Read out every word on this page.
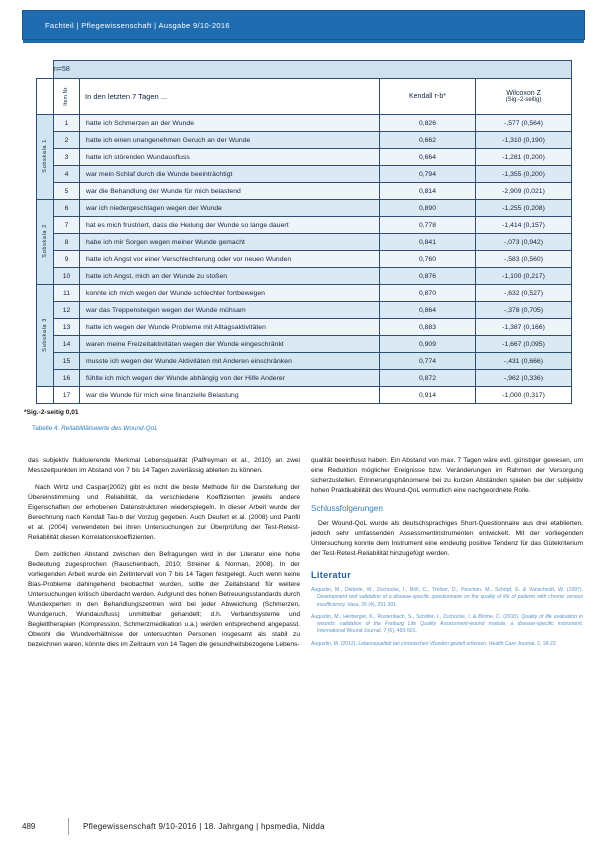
Fachteil | Pflegewissenschaft | Ausgabe 9/10-2016
	n=58			
	Item Nr.	In den letzten 7 Tagen ...	Kendall τ-b*	Wilcoxon Z
(Sig.-2-seitig)

Subskala 1	1	hatte ich Schmerzen an der Wunde	0,826	-,577 (0,564)
	2	hatte ich einen unangenehmen Geruch an der Wunde	0,662	-1,310 (0,190)
	3	hatte ich störenden Wundausfluss	0,664	-1,281 (0,200)
	4	war mein Schlaf durch die Wunde beeinträchtigt	0,794	-1,355 (0,200)
	5	war die Behandlung der Wunde für mich belastend	0,814	-2,909 (0,021)
Subskala 2	6	war ich niedergeschlagen wegen der Wunde	0,890	-1,255 (0,208)
	7	hat es mich frustriert, dass die Heilung der Wunde so lange dauert	0,778	-1,414 (0,157)
	8	habe ich mir Sorgen wegen meiner Wunde gemacht	0,841	-,073 (0,942)
	9	hatte ich Angst vor einer Verschlechterung oder vor neuen Wunden	0,760	-,583 (0,560)
	10	hatte ich Angst, mich an der Wunde zu stoßen	0,876	-1,100 (0,217)
Subskala 3	11	konnte ich mich wegen der Wunde schlechter fortbewegen	0,870	-,632 (0,527)
	12	war das Treppensteigen wegen der Wunde mühsam	0,864	-,378 (0,705)
	13	hatte ich wegen der Wunde Probleme mit Alltagsaktivitäten	0,883	-1,387 (0,166)
	14	waren meine Freizeitaktivitäten wegen der Wunde eingeschränkt	0,909	-1,667 (0,095)
	15	musste ich wegen der Wunde Aktivitäten mit Anderen einschränken	0,774	-,431 (0,666)
	16	fühlte ich mich wegen der Wunde abhängig von der Hilfe Anderer	0,872	-,962 (0,336)
	17	war die Wunde für mich eine finanzielle Belastung	0,914	-1,000 (0,317)
*Sig.-2-seitig 0,01
Tabelle 4: Reliabilitätswerte des Wound-QoL

das subjektiv fluktuierende Merkmal Lebensqualität (Palfreyman et al., 2010) an zwei Messzeitpunkten im Abstand von 7 bis 14 Tagen zuverlässig ableiten zu können.

Nach Wirtz und Caspar(2002) gibt es nicht die beste Methode für die Darstellung der Übereinstimmung und Reliabilität, da verschiedene Koeffizienten jeweils andere Eigenschaften der erhobenen Datenstrukturen wiederspiegeln. In dieser Arbeit wurde der Berechnung nach Kendall Tau-b der Vorzug gegeben. Auch Deufert et al. (2008) und Panfil et al. (2004) verwendeten bei ihren Untersuchungen zur Überprüfung der Test-Retest-Reliabilität diesen Korrelationskoeffizienten.

Dem zeitlichen Abstand zwischen den Befragungen wird in der Literatur eine hohe Bedeutung zugesprochen (Rauschenbach, 2010; Streiner & Norman, 2008). In der vorliegenden Arbeit wurde ein Zeitintervall von 7 bis 14 Tagen festgelegt. Auch wenn keine Bias-Probleme dahingehend beobachtet wurden, sollte der Zeitabstand für weitere Untersuchungen kritisch überdacht werden. Aufgrund des hohen Betreuungsstandards durch Wundexperten in den Behandlungszentren wird bei jeder Abweichung (Schmerzen, Wundgeruch, Wundausfluss) unmittelbar gehandelt; d.h. Verbandsysteme und Begleittherapien (Kompression, Schmerzmedikation u.a.) werden entsprechend angepasst. Obwohl die Wundverhältnisse der untersuchten Personen insgesamt als stabil zu bezeichnen waren, könnte dies im Zeitraum von 14 Tagen die gesundheitsbezogene Lebens-

qualität beeinflusst haben. Ein Abstand von max. 7 Tagen wäre evtl. günstiger gewesen, um eine Reduktion möglicher Ereignisse bzw. Veränderungen im Rahmen der Versorgung sicherzustellen. Erinnerungsphänomene bei zu kurzen Abständen spielen bei der subjektiv hohen Praktikabilität des Wound-QoL vermutlich eine nachgeordnete Rolle.

Schlussfolgerungen

Der Wound-QoL wurde als deutschsprachiges Short-Questionnaire aus drei etablierten, jedoch sehr umfassenden Assessmentinstrumenten entwickelt. Mit der vorliegenden Untersuchung konnte dem Instrument eine eindeutig positive Tendenz für das Gütekriterium der Test-Retest-Reliabilität hinzugefügt werden.

Literatur

Augustin, M., Dieterle, W., Zschocke, I., Brill, C., Trefzer, D., Peschen, M., Schöpf, E. & Vanscheidt, W. (1997). Development and validation of a disease-specific questionnaire on the quality of life of patients with chronic venous insufficiency. Vasa, 26 (4), 291-301.

Augustin, M., Herberger, K., Rustenbach, S., Schäfer, I., Zschocke, I. & Blome, C. (2010). Quality of life evaluation in wounds: validation of the Freiburg Life Quality Assessment-wound module, a disease-specific instrument. International Wound Journal, 7 (6), 493-501.

Augustin, M. (2012). Lebensqualität bei chronischen Wunden gezielt erfassen. Health Care Journal, 2, 18-22.

489	Pflegewissenschaft 9/10-2016 | 18. Jahrgang | hpsmedia, Nidda
